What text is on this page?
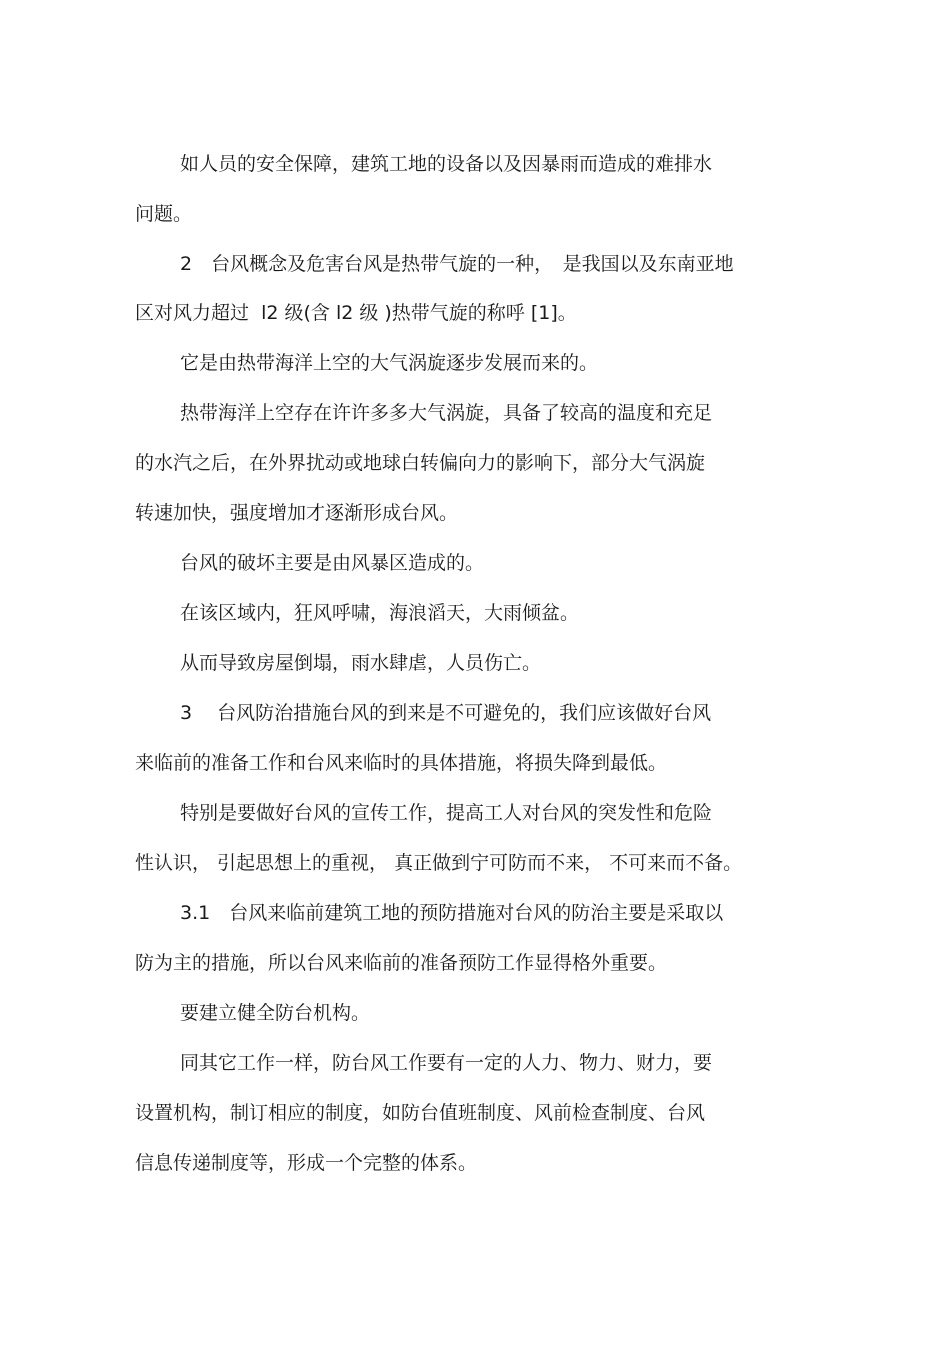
如人员的安全保障，建筑工地的设备以及因暴雨而造成的难排水

问题。

2　台风概念及危害台风是热带气旋的一种，　是我国以及东南亚地

区对风力超过  l2 级(含 l2 级 )热带气旋的称呼 [1]。

它是由热带海洋上空的大气涡旋逐步发展而来的。

热带海洋上空存在许许多多大气涡旋，具备了较高的温度和充足

的水汽之后，在外界扰动或地球白转偏向力的影响下，部分大气涡旋

转速加快，强度增加才逐渐形成台风。

台风的破坏主要是由风暴区造成的。

在该区域内，狂风呼啸，海浪滔天，大雨倾盆。

从而导致房屋倒塌，雨水肆虐，人员伤亡。

3　 台风防治措施台风的到来是不可避免的，我们应该做好台风

来临前的准备工作和台风来临时的具体措施，将损失降到最低。

特别是要做好台风的宣传工作，提高工人对台风的突发性和危险

性认识， 引起思想上的重视， 真正做到宁可防而不来， 不可来而不备。

3.1　台风来临前建筑工地的预防措施对台风的防治主要是采取以

防为主的措施，所以台风来临前的准备预防工作显得格外重要。

要建立健全防台机构。

同其它工作一样，防台风工作要有一定的人力、物力、财力，要

设置机构，制订相应的制度，如防台值班制度、风前检查制度、台风

信息传递制度等，形成一个完整的体系。
